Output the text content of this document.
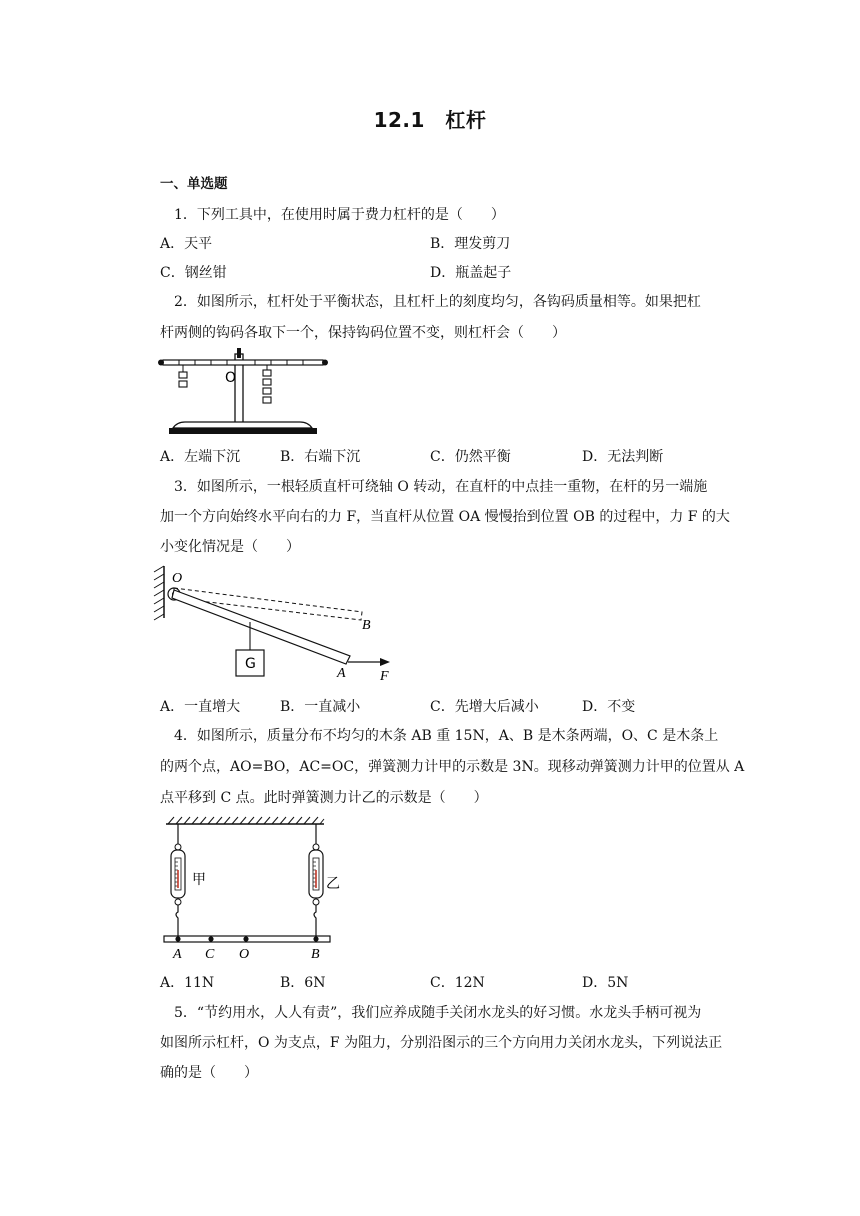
12.1　杠杆
一、单选题
1．下列工具中，在使用时属于费力杠杆的是（　　）
A．天平	B．理发剪刀
C．钢丝钳	D．瓶盖起子
2．如图所示，杠杆处于平衡状态，且杠杆上的刻度均匀，各钩码质量相等。如果把杠
杆两侧的钩码各取下一个，保持钩码位置不变，则杠杆会（　　）
O
A．左端下沉	B．右端下沉	C．仍然平衡	D．无法判断
3．如图所示，一根轻质直杆可绕轴 O 转动，在直杆的中点挂一重物，在杆的另一端施
加一个方向始终水平向右的力 F，当直杆从位置 OA 慢慢抬到位置 OB 的过程中，力 F 的大
小变化情况是（　　）
O
B
G
A F
A．一直增大	B．一直减小	C．先增大后减小	D．不变
4．如图所示，质量分布不均匀的木条 AB 重 15N，A、B 是木条两端，O、C 是木条上
的两个点，AO=BO，AC=OC，弹簧测力计甲的示数是 3N。现移动弹簧测力计甲的位置从 A
点平移到 C 点。此时弹簧测力计乙的示数是（　　）
甲	乙
A C O	B
A．11N	B．6N	C．12N	D．5N
5．“节约用水，人人有责”，我们应养成随手关闭水龙头的好习惯。水龙头手柄可视为
如图所示杠杆，O 为支点，F 为阻力，分别沿图示的三个方向用力关闭水龙头，下列说法正
确的是（　　）
